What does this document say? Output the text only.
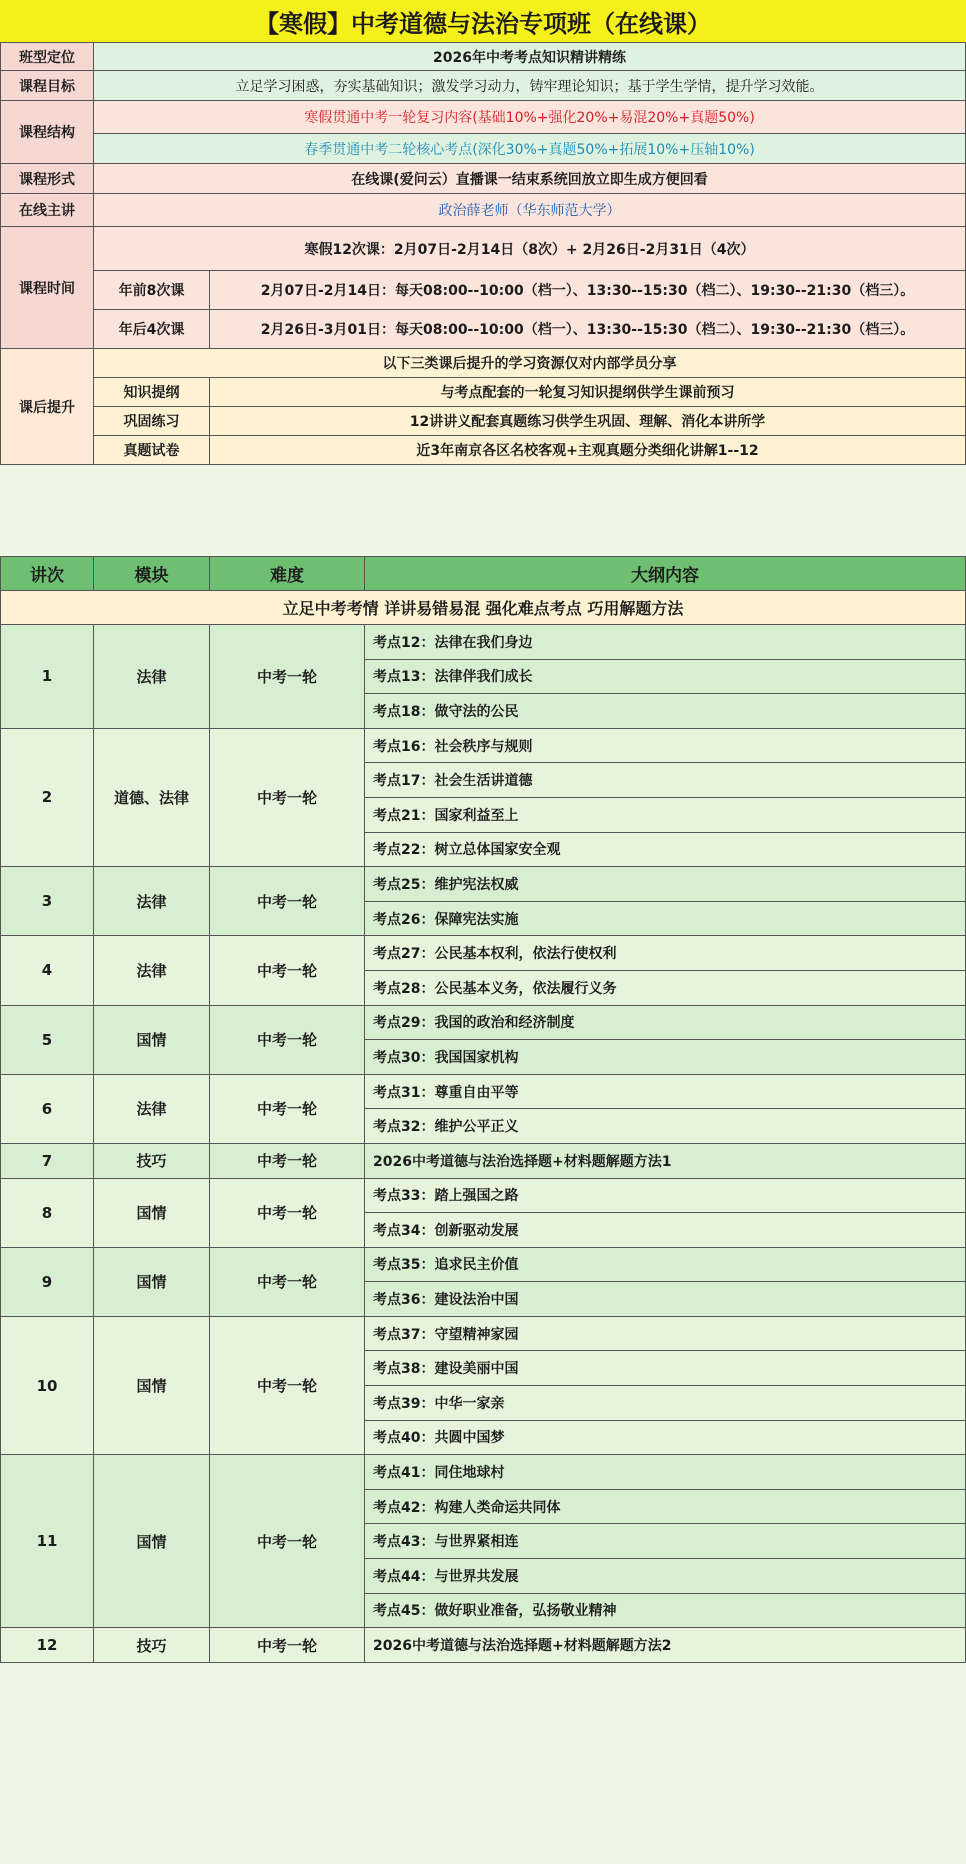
【寒假】中考道德与法治专项班（在线课）
班型定位	2026年中考考点知识精讲精练	
课程目标	立足学习困惑，夯实基础知识；激发学习动力，铸牢理论知识；基于学生学情，提升学习效能。	
课程结构	寒假贯通中考一轮复习内容(基础10%+强化20%+易混20%+真题50%)	
	春季贯通中考二轮核心考点(深化30%+真题50%+拓展10%+压轴10%)	
课程形式	在线课(爱问云）直播课一结束系统回放立即生成方便回看	
在线主讲	政治薛老师（华东师范大学）	
课程时间	寒假12次课：2月07日-2月14日（8次）+ 2月26日-2月31日（4次）	
	年前8次课	2月07日-2月14日：每天08:00--10:00（档一）、13:30--15:30（档二）、19:30--21:30（档三）。
	年后4次课	2月26日-3月01日：每天08:00--10:00（档一）、13:30--15:30（档二）、19:30--21:30（档三）。
课后提升	以下三类课后提升的学习资源仅对内部学员分享	
	知识提纲	与考点配套的一轮复习知识提纲供学生课前预习
	巩固练习	12讲讲义配套真题练习供学生巩固、理解、消化本讲所学
	真题试卷	近3年南京各区名校客观+主观真题分类细化讲解1--12
讲次	模块	难度	大纲内容
立足中考考情 详讲易错易混 强化难点考点 巧用解题方法			
1	法律	中考一轮	考点12：法律在我们身边
			考点13：法律伴我们成长
			考点18：做守法的公民
2	道德、法律	中考一轮	考点16：社会秩序与规则
			考点17：社会生活讲道德
			考点21：国家利益至上
			考点22：树立总体国家安全观
3	法律	中考一轮	考点25：维护宪法权威
			考点26：保障宪法实施
4	法律	中考一轮	考点27：公民基本权利，依法行使权利
			考点28：公民基本义务，依法履行义务
5	国情	中考一轮	考点29：我国的政治和经济制度
			考点30：我国国家机构
6	法律	中考一轮	考点31：尊重自由平等
			考点32：维护公平正义
7	技巧	中考一轮	2026中考道德与法治选择题+材料题解题方法1
8	国情	中考一轮	考点33：踏上强国之路
			考点34：创新驱动发展
9	国情	中考一轮	考点35：追求民主价值
			考点36：建设法治中国
10	国情	中考一轮	考点37：守望精神家园
			考点38：建设美丽中国
			考点39：中华一家亲
			考点40：共圆中国梦
11	国情	中考一轮	考点41：同住地球村
			考点42：构建人类命运共同体
			考点43：与世界紧相连
			考点44：与世界共发展
			考点45：做好职业准备，弘扬敬业精神
12	技巧	中考一轮	2026中考道德与法治选择题+材料题解题方法2
